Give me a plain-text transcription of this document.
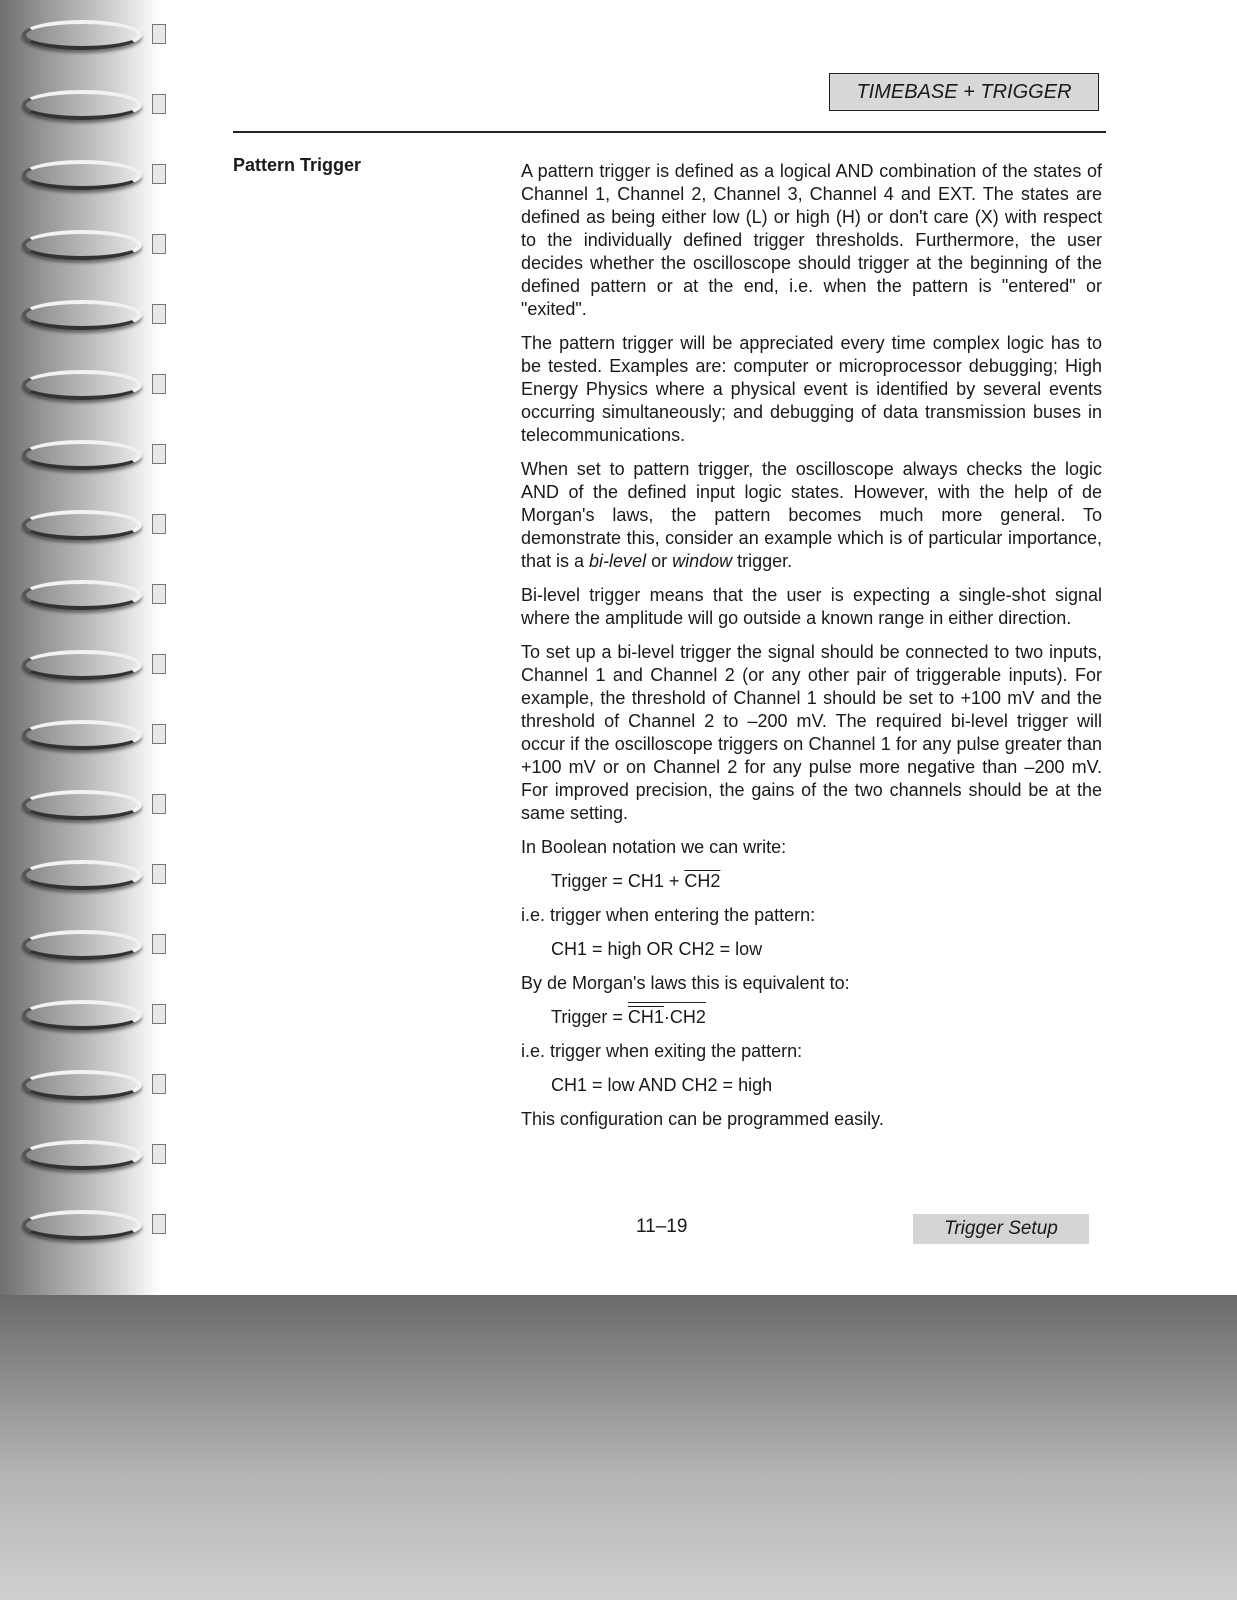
TIMEBASE + TRIGGER
Pattern Trigger	A pattern trigger is defined as a logical AND combination of the states of Channel 1, Channel 2, Channel 3, Channel 4 and EXT. The states are defined as being either low (L) or high (H) or don't care (X) with respect to the individually defined trigger thresholds. Furthermore, the user decides whether the oscilloscope should trigger at the beginning of the defined pattern or at the end, i.e. when the pattern is "entered" or "exited".

The pattern trigger will be appreciated every time complex logic has to be tested. Examples are: computer or microprocessor debugging; High Energy Physics where a physical event is identified by several events occurring simultaneously; and debugging of data transmission buses in telecommunications.

When set to pattern trigger, the oscilloscope always checks the logic AND of the defined input logic states. However, with the help of de Morgan's laws, the pattern becomes much more general. To demonstrate this, consider an example which is of particular importance, that is a bi-level or window trigger.

Bi-level trigger means that the user is expecting a single-shot signal where the amplitude will go outside a known range in either direction.

To set up a bi-level trigger the signal should be connected to two inputs, Channel 1 and Channel 2 (or any other pair of triggerable inputs). For example, the threshold of Channel 1 should be set to +100 mV and the threshold of Channel 2 to –200 mV. The required bi-level trigger will occur if the oscilloscope triggers on Channel 1 for any pulse greater than +100 mV or on Channel 2 for any pulse more negative than –200 mV. For improved precision, the gains of the two channels should be at the same setting.

In Boolean notation we can write:

Trigger = CH1 + CH2

i.e. trigger when entering the pattern:

CH1 = high OR CH2 = low

By de Morgan's laws this is equivalent to:

Trigger = CH1·CH2

i.e. trigger when exiting the pattern:

CH1 = low AND CH2 = high

This configuration can be programmed easily.

11–19	Trigger Setup
